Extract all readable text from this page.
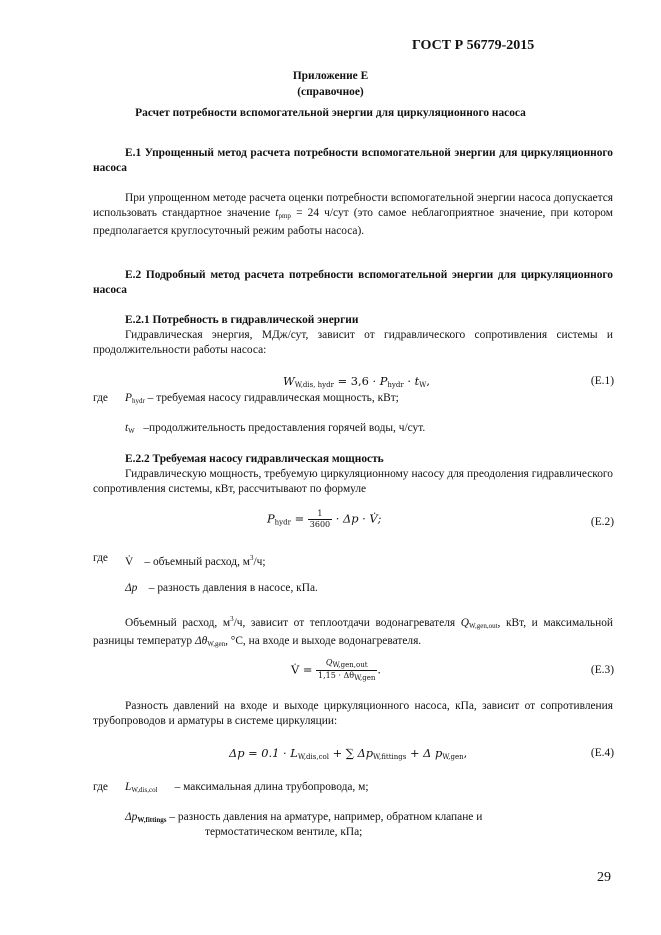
ГОСТ Р 56779-2015
Приложение Е
(справочное)
Расчет потребности вспомогательной энергии для циркуляционного насоса
Е.1 Упрощенный метод расчета потребности вспомогательной энергии для циркуляционного насоса
При упрощенном методе расчета оценки потребности вспомогательной энергии насоса допускается использовать стандартное значение $t_{pmp} = 24$ ч/сут (это самое неблагоприятное значение, при котором предполагается круглосуточный режим работы насоса).
Е.2 Подробный метод расчета потребности вспомогательной энергии для циркуляционного насоса
Е.2.1 Потребность в гидравлической энергии
Гидравлическая энергия, МДж/сут, зависит от гидравлического сопротивления системы и продолжительности работы насоса:
$W_{W,dis, hydr} = 3,6 \cdot P_{hydr} \cdot t_W$,	(Е.1)
где $P_{hydr}$ – требуемая насосу гидравлическая мощность, кВт;
$t_W$ –продолжительность предоставления горячей воды, ч/сут.
Е.2.2 Требуемая насосу гидравлическая мощность
Гидравлическую мощность, требуемую циркуляционному насосу для преодоления гидравлического сопротивления системы, кВт, рассчитывают по формуле
$P_{hydr} = \frac{1}{3600} \cdot \Delta p$ · V̇;	(Е.2)
где V̇ – объемный расход, $м^3/ч$;
Δp – разность давления в насосе, кПа.
Объемный расход, $м^3/ч$, зависит от теплоотдачи водонагревателя $Q_{W,gen,out}$, кВт, и максимальной разницы температур $\Delta\theta_{W,gen}$, °С, на входе и выходе водонагревателя.
V̇ = $\frac{\text{QW,gen,out}}{\text{1,15 · ΔθW,gen}}$ .	(Е.3)
Разность давлений на входе и выходе циркуляционного насоса, кПа, зависит от сопротивления трубопроводов и арматуры в системе циркуляции:
$\Delta p = 0.1 \cdot L_{W,dis,col}$ + ∑ $\Delta p_{W,fittings} + \Delta$ $p_{W,gen}$,	(Е.4)
где $L_{W,dis,col}$ – максимальная длина трубопровода, м;
$\Delta p_{W,fittings}$ – разность давления на арматуре, например, обратном клапане и
термостатическом вентиле, кПа;
29
